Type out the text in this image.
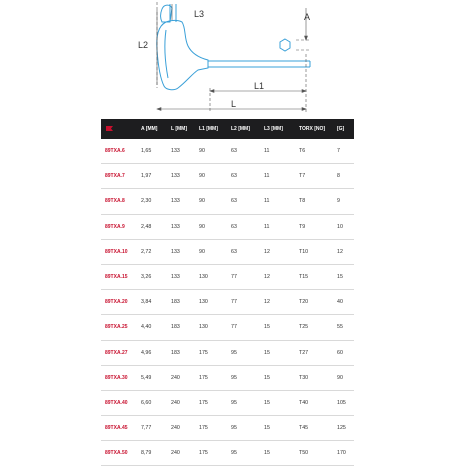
L3	A
L2
L1
L
	A [MM]	L [MM]	L1 [MM]	L2 [MM]	L3 [MM]	TORX [NO]	[G]
89TXA.6	1,65	133	90	63	11	T6	7
89TXA.7	1,97	133	90	63	11	T7	8
89TXA.8	2,30	133	90	63	11	T8	9
89TXA.9	2,48	133	90	63	11	T9	10
89TXA.10	2,72	133	90	63	12	T10	12
89TXA.15	3,26	133	130	77	12	T15	15
89TXA.20	3,84	183	130	77	12	T20	40
89TXA.25	4,40	183	130	77	15	T25	55
89TXA.27	4,96	183	175	95	15	T27	60
89TXA.30	5,49	240	175	95	15	T30	90
89TXA.40	6,60	240	175	95	15	T40	105
89TXA.45	7,77	240	175	95	15	T45	125
89TXA.50	8,79	240	175	95	15	T50	170
